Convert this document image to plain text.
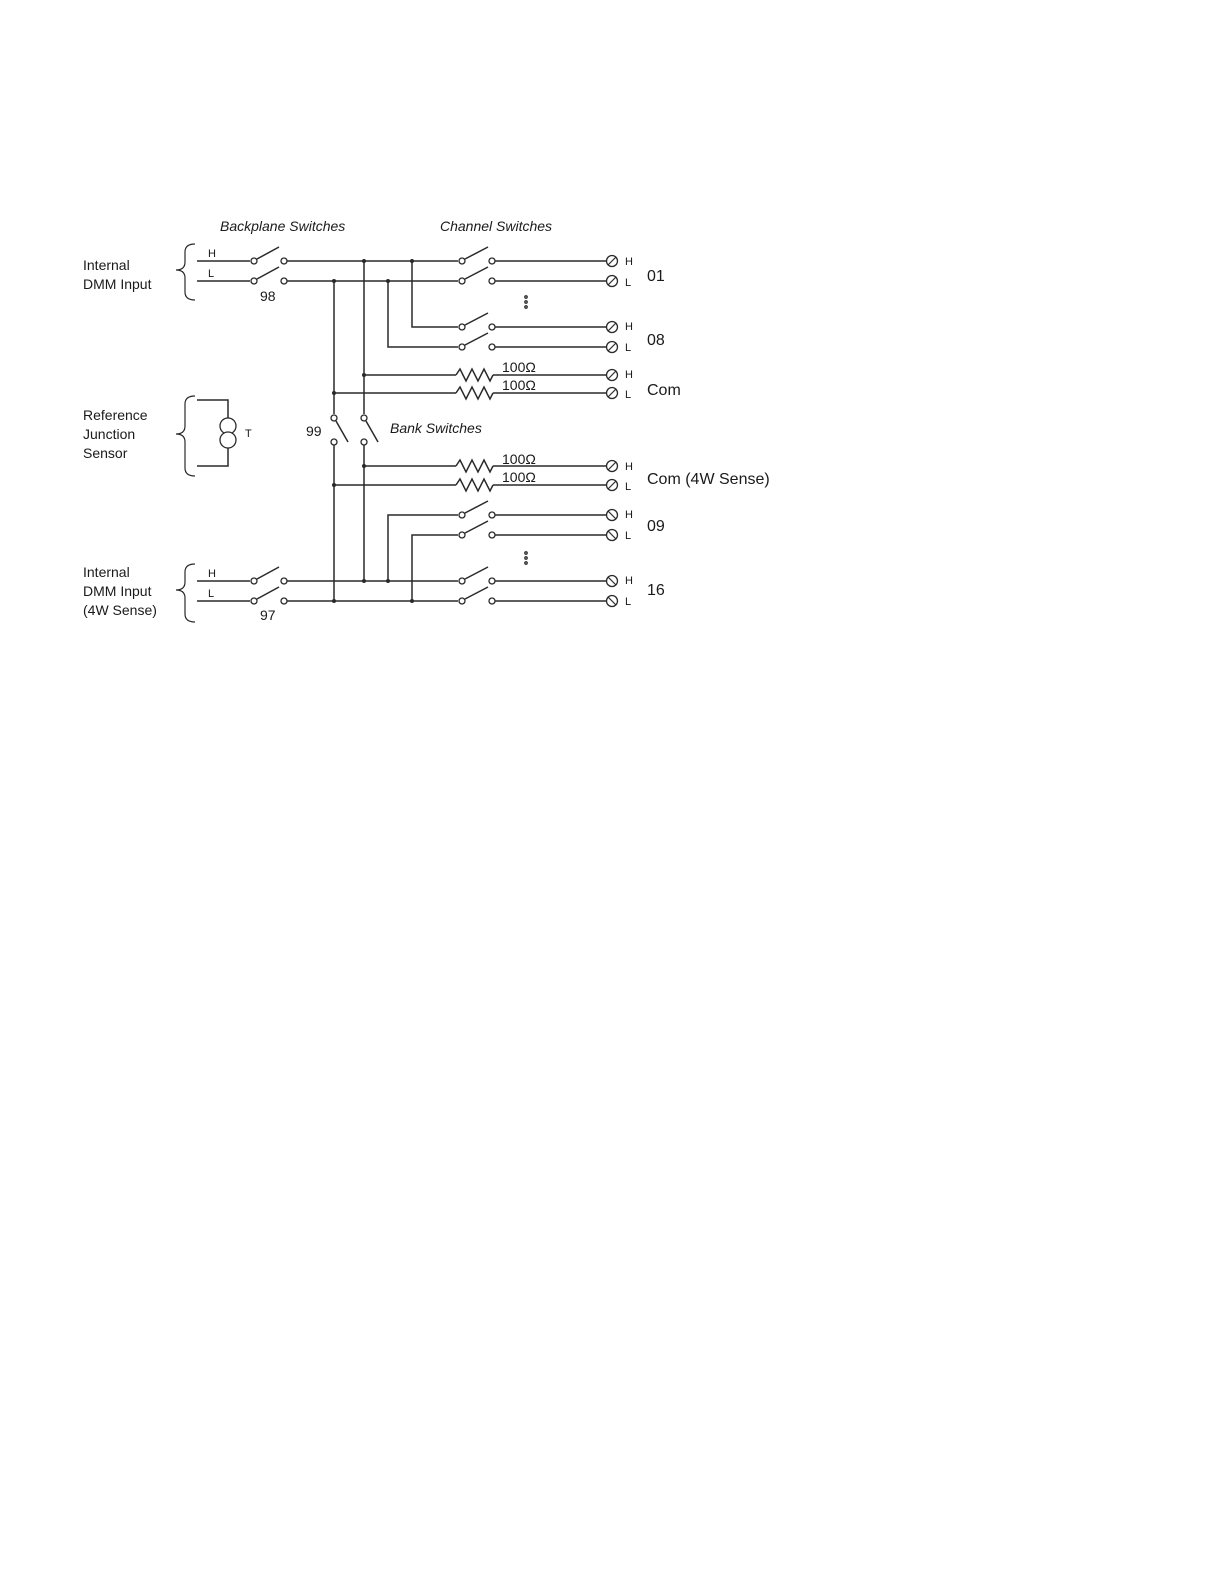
Backplane Switches	Channel Switches
Bank Switches
Internal
DMM Input
Reference
Junction
Sensor
Internal
DMM Input
(4W Sense)
T
H
L
98
99
H
L 01
H
L 08
100Ω
100Ω
H
L Com
100Ω
100Ω
H
L Com (4W Sense)
H
L
09
H
L
97
H
L
16
